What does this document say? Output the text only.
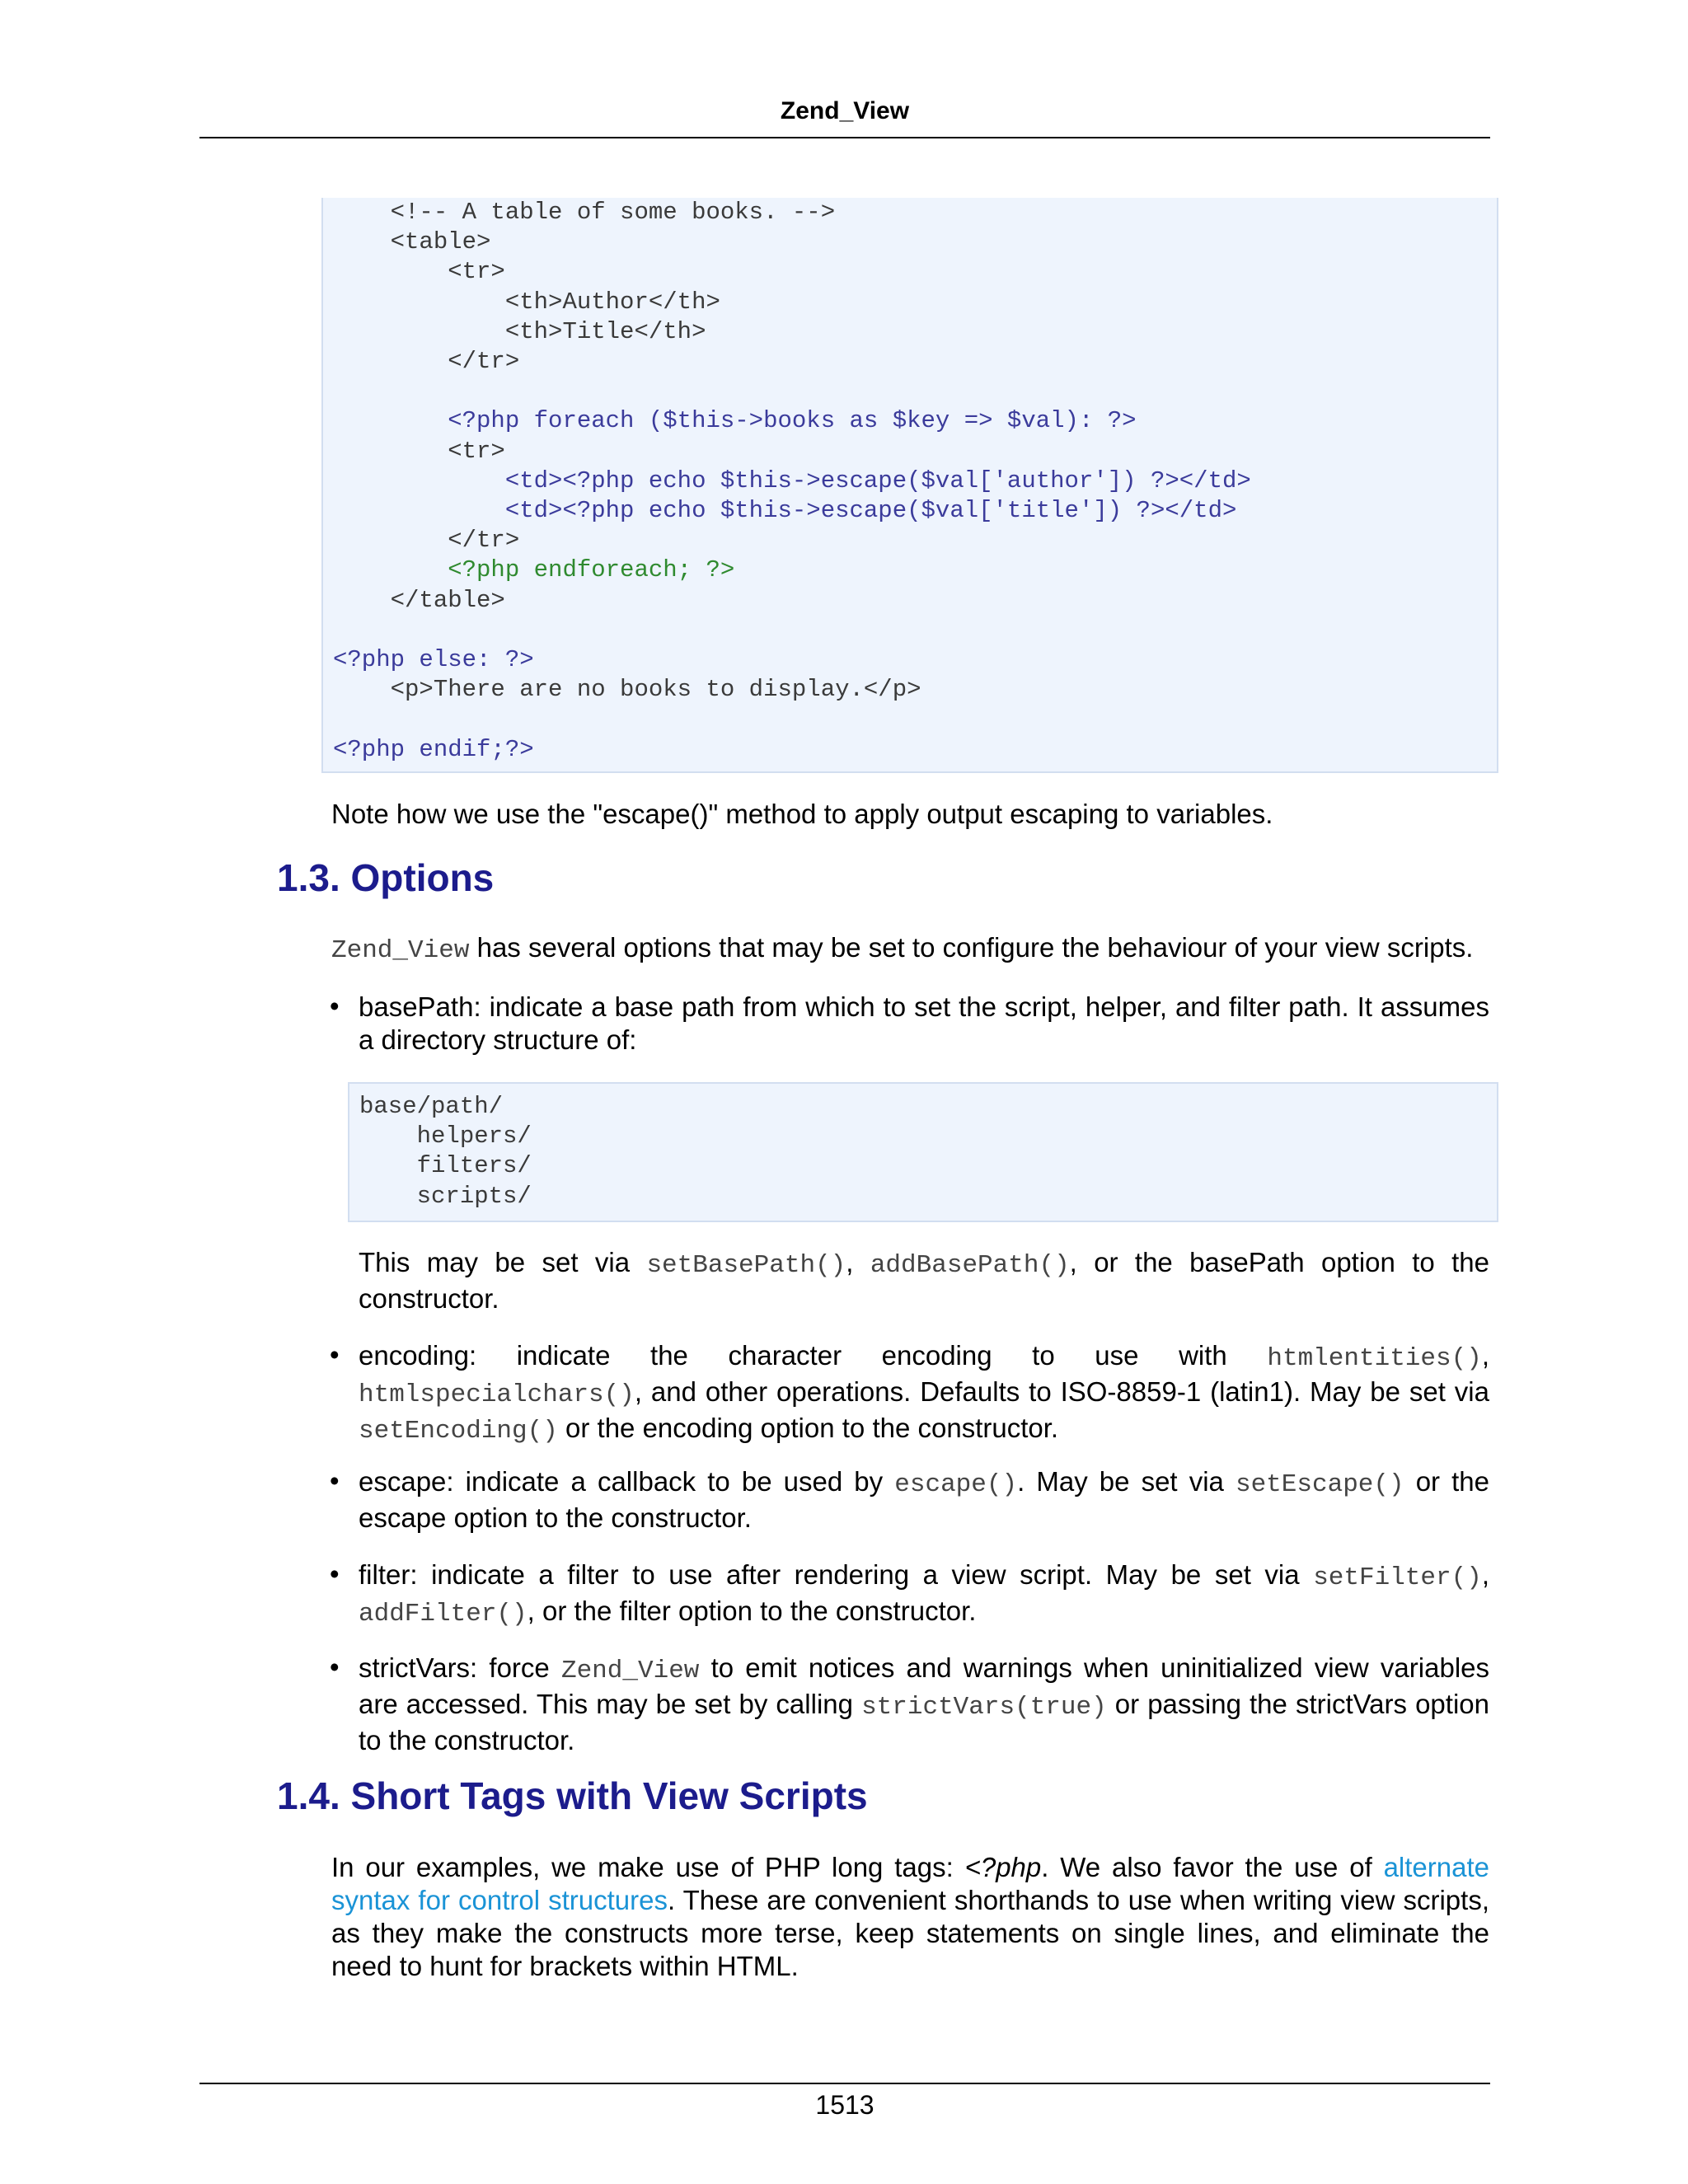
Zend_View
<!-- A table of some books. -->
<table>
<tr>
<th>Author</th>
<th>Title</th>
</tr>

<?php foreach ($this->books as $key => $val): ?>
<tr>
<td><?php echo $this->escape($val['author']) ?></td>
<td><?php echo $this->escape($val['title']) ?></td>
</tr>
<?php endforeach; ?>
</table>

<?php else: ?>
<p>There are no books to display.</p>

<?php endif;?>
Note how we use the "escape()" method to apply output escaping to variables.
1.3. Options
Zend_View has several options that may be set to configure the behaviour of your view scripts.
• basePath: indicate a base path from which to set the script, helper, and filter path. It assumes a directory structure of:
base/path/
helpers/
filters/
scripts/
This may be set via setBasePath(), addBasePath(), or the basePath option to the constructor.
• encoding: indicate the character encoding to use with htmlentities(), htmlspecialchars(), and other operations. Defaults to ISO-8859-1 (latin1). May be set via setEncoding() or the encoding option to the constructor.
• escape: indicate a callback to be used by escape(). May be set via setEscape() or the escape option to the constructor.
• filter: indicate a filter to use after rendering a view script. May be set via setFilter(), addFilter(), or the filter option to the constructor.
• strictVars: force Zend_View to emit notices and warnings when uninitialized view variables are accessed. This may be set by calling strictVars(true) or passing the strictVars option to the constructor.
1.4. Short Tags with View Scripts
In our examples, we make use of PHP long tags: <?php. We also favor the use of alternate syntax for control structures. These are convenient shorthands to use when writing view scripts, as they make the constructs more terse, keep statements on single lines, and eliminate the need to hunt for brackets within HTML.
1513
